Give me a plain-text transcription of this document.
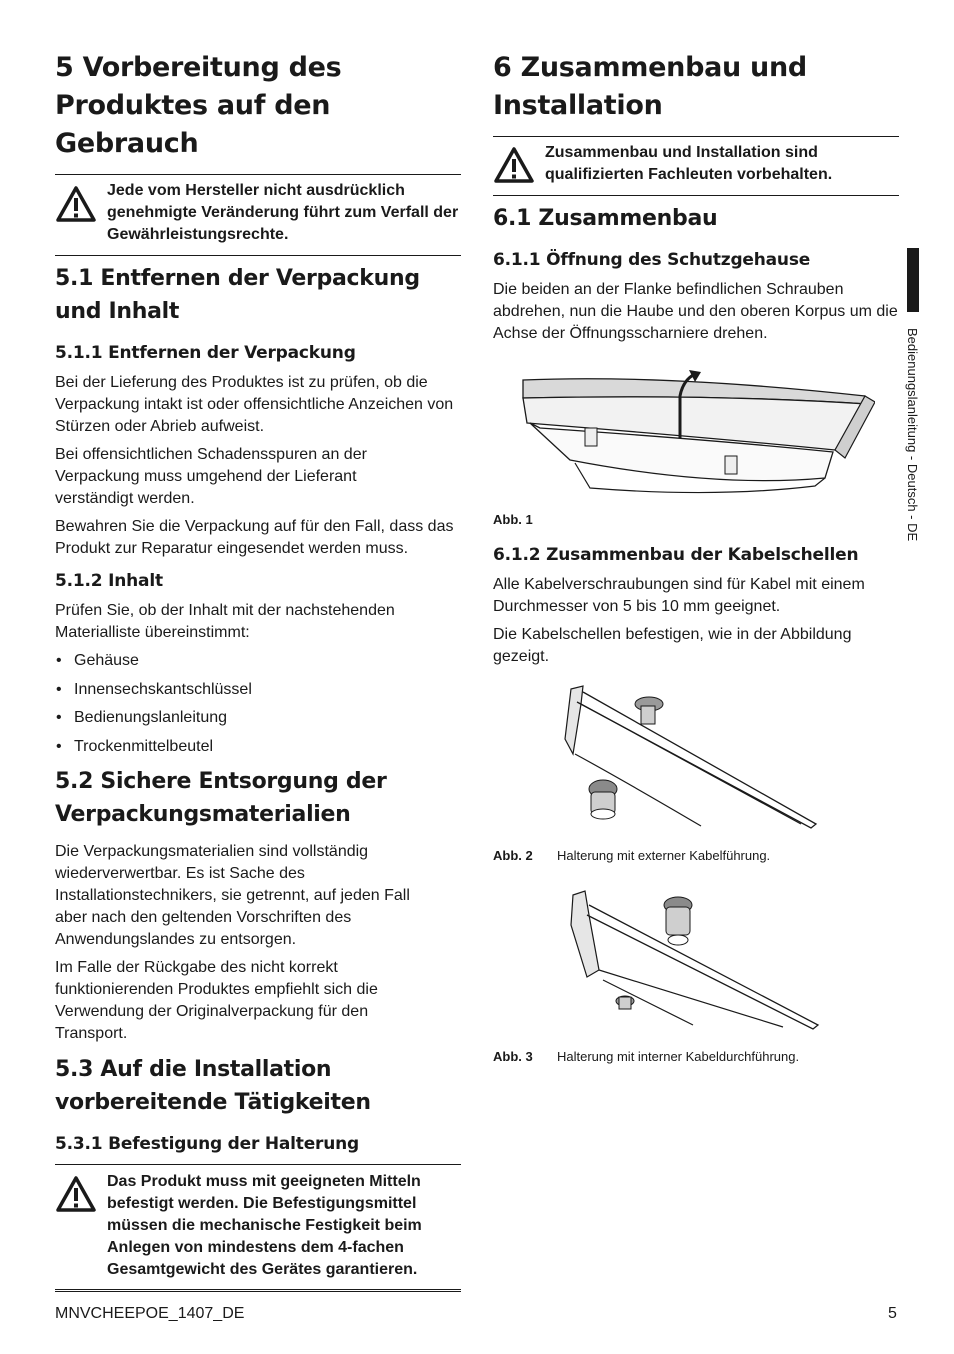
5 Vorbereitung des Produktes auf den Gebrauch
Jede vom Hersteller nicht ausdrücklich genehmigte Veränderung führt zum Verfall der Gewährleistungsrechte.
5.1 Entfernen der Verpackung und Inhalt
5.1.1 Entfernen der Verpackung

Bei der Lieferung des Produktes ist zu prüfen, ob die Verpackung intakt ist oder offensichtliche Anzeichen von Stürzen oder Abrieb aufweist.

Bei offensichtlichen Schadensspuren an der Verpackung muss umgehend der Lieferant verständigt werden.

Bewahren Sie die Verpackung auf für den Fall, dass das Produkt zur Reparatur eingesendet werden muss.

5.1.2 Inhalt

Prüfen Sie, ob der Inhalt mit der nachstehenden Materialliste übereinstimmt:

• Gehäuse
• Innensechskantschlüssel
• Bedienungslanleitung
• Trockenmittelbeutel
5.2 Sichere Entsorgung der Verpackungsmaterialien

Die Verpackungsmaterialien sind vollständig wiederverwertbar. Es ist Sache des Installationstechnikers, sie getrennt, auf jeden Fall aber nach den geltenden Vorschriften des Anwendungslandes zu entsorgen.

Im Falle der Rückgabe des nicht korrekt funktionierenden Produktes empfiehlt sich die Verwendung der Originalverpackung für den Transport.

5.3 Auf die Installation vorbereitende Tätigkeiten
5.3.1 Befestigung der Halterung
Das Produkt muss mit geeigneten Mitteln befestigt werden. Die Befestigungsmittel müssen die mechanische Festigkeit beim Anlegen von mindestens dem 4-fachen Gesamtgewicht des Gerätes garantieren.
6 Zusammenbau und Installation
Zusammenbau und Installation sind qualifizierten Fachleuten vorbehalten.
6.1 Zusammenbau
6.1.1 Öffnung des Schutzgehause

Die beiden an der Flanke befindlichen Schrauben abdrehen, nun die Haube und den oberen Korpus um die Achse der Öffnungsscharniere drehen.

Abb. 1
6.1.2 Zusammenbau der Kabelschellen

Alle Kabelverschraubungen sind für Kabel mit einem Durchmesser von 5 bis 10 mm geeignet.

Die Kabelschellen befestigen, wie in der Abbildung gezeigt.

Abb. 2 Halterung mit externer Kabelführung.
Abb. 3 Halterung mit interner Kabeldurchführung.
Bedienungslanleitung - Deutsch - DE
MNVCHEEPOE_1407_DE	5
